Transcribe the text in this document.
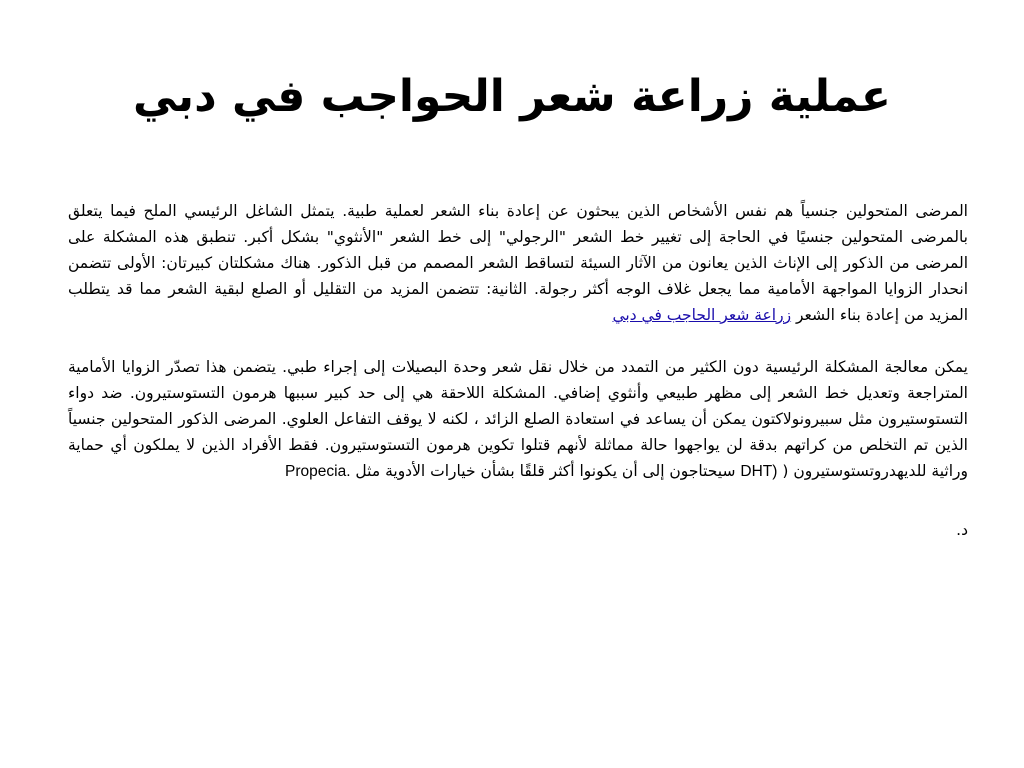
عملية زراعة شعر الحواجب في دبي

المرضى المتحولين جنسياً هم نفس الأشخاص الذين يبحثون عن إعادة بناء الشعر لعملية طبية. يتمثل الشاغل الرئيسي الملح فيما يتعلق بالمرضى المتحولين جنسيًا في الحاجة إلى تغيير خط الشعر "الرجولي" إلى خط الشعر "الأنثوي" بشكل أكبر. تنطبق هذه المشكلة على المرضى من الذكور إلى الإناث الذين يعانون من الآثار السيئة لتساقط الشعر المصمم من قبل الذكور. هناك مشكلتان كبيرتان: الأولى تتضمن انحدار الزوايا المواجهة الأمامية مما يجعل غلاف الوجه أكثر رجولة. الثانية: تتضمن المزيد من التقليل أو الصلع لبقية الشعر مما قد يتطلب المزيد من إعادة بناء الشعر زراعة شعر الحاجب في دبي

يمكن معالجة المشكلة الرئيسية دون الكثير من التمدد من خلال نقل شعر وحدة البصيلات إلى إجراء طبي. يتضمن هذا تصدّر الزوايا الأمامية المتراجعة وتعديل خط الشعر إلى مظهر طبيعي وأنثوي إضافي. المشكلة اللاحقة هي إلى حد كبير سببها هرمون التستوستيرون. ضد دواء التستوستيرون مثل سبيرونولاكتون يمكن أن يساعد في استعادة الصلع الزائد ، لكنه لا يوقف التفاعل العلوي. المرضى الذكور المتحولين جنسياً الذين تم التخلص من كراتهم بدقة لن يواجهوا حالة مماثلة لأنهم قتلوا تكوين هرمون التستوستيرون. فقط الأفراد الذين لا يملكون أي حماية وراثية للديهدروتستوستيرون ( DHT) سيحتاجون إلى أن يكونوا أكثر قلقًا بشأن خيارات الأدوية مثل Propecia.

د.
